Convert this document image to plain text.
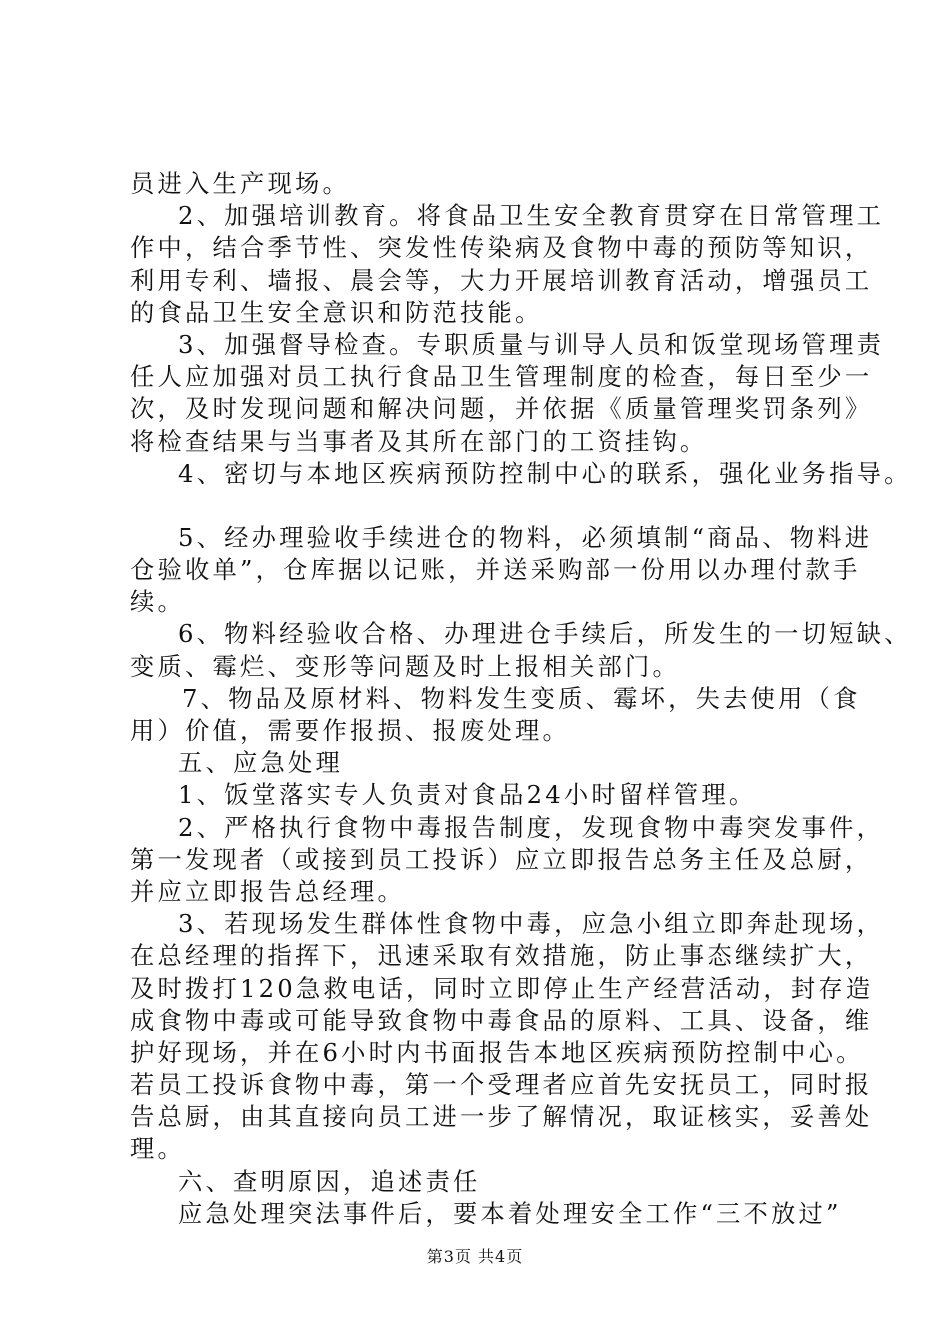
员进入生产现场。
2、加强培训教育。将食品卫生安全教育贯穿在日常管理工
作中，结合季节性、突发性传染病及食物中毒的预防等知识，
利用专利、墙报、晨会等，大力开展培训教育活动，增强员工
的食品卫生安全意识和防范技能。
3、加强督导检查。专职质量与训导人员和饭堂现场管理责
任人应加强对员工执行食品卫生管理制度的检查，每日至少一
次，及时发现问题和解决问题，并依据《质量管理奖罚条列》
将检查结果与当事者及其所在部门的工资挂钩。
4、密切与本地区疾病预防控制中心的联系，强化业务指导。
5、经办理验收手续进仓的物料，必须填制“商品、物料进
仓验收单”，仓库据以记账，并送采购部一份用以办理付款手
续。
6、物料经验收合格、办理进仓手续后，所发生的一切短缺、
变质、霉烂、变形等问题及时上报相关部门。
7、物品及原材料、物料发生变质、霉坏，失去使用（食
用）价值，需要作报损、报废处理。
五、应急处理
1、饭堂落实专人负责对食品24小时留样管理。
2、严格执行食物中毒报告制度，发现食物中毒突发事件，
第一发现者（或接到员工投诉）应立即报告总务主任及总厨，
并应立即报告总经理。
3、若现场发生群体性食物中毒，应急小组立即奔赴现场，
在总经理的指挥下，迅速采取有效措施，防止事态继续扩大，
及时拨打120急救电话，同时立即停止生产经营活动，封存造
成食物中毒或可能导致食物中毒食品的原料、工具、设备，维
护好现场，并在6小时内书面报告本地区疾病预防控制中心。
若员工投诉食物中毒，第一个受理者应首先安抚员工，同时报
告总厨，由其直接向员工进一步了解情况，取证核实，妥善处
理。
六、查明原因，追述责任
应急处理突法事件后，要本着处理安全工作“三不放过”
第3页 共4页
